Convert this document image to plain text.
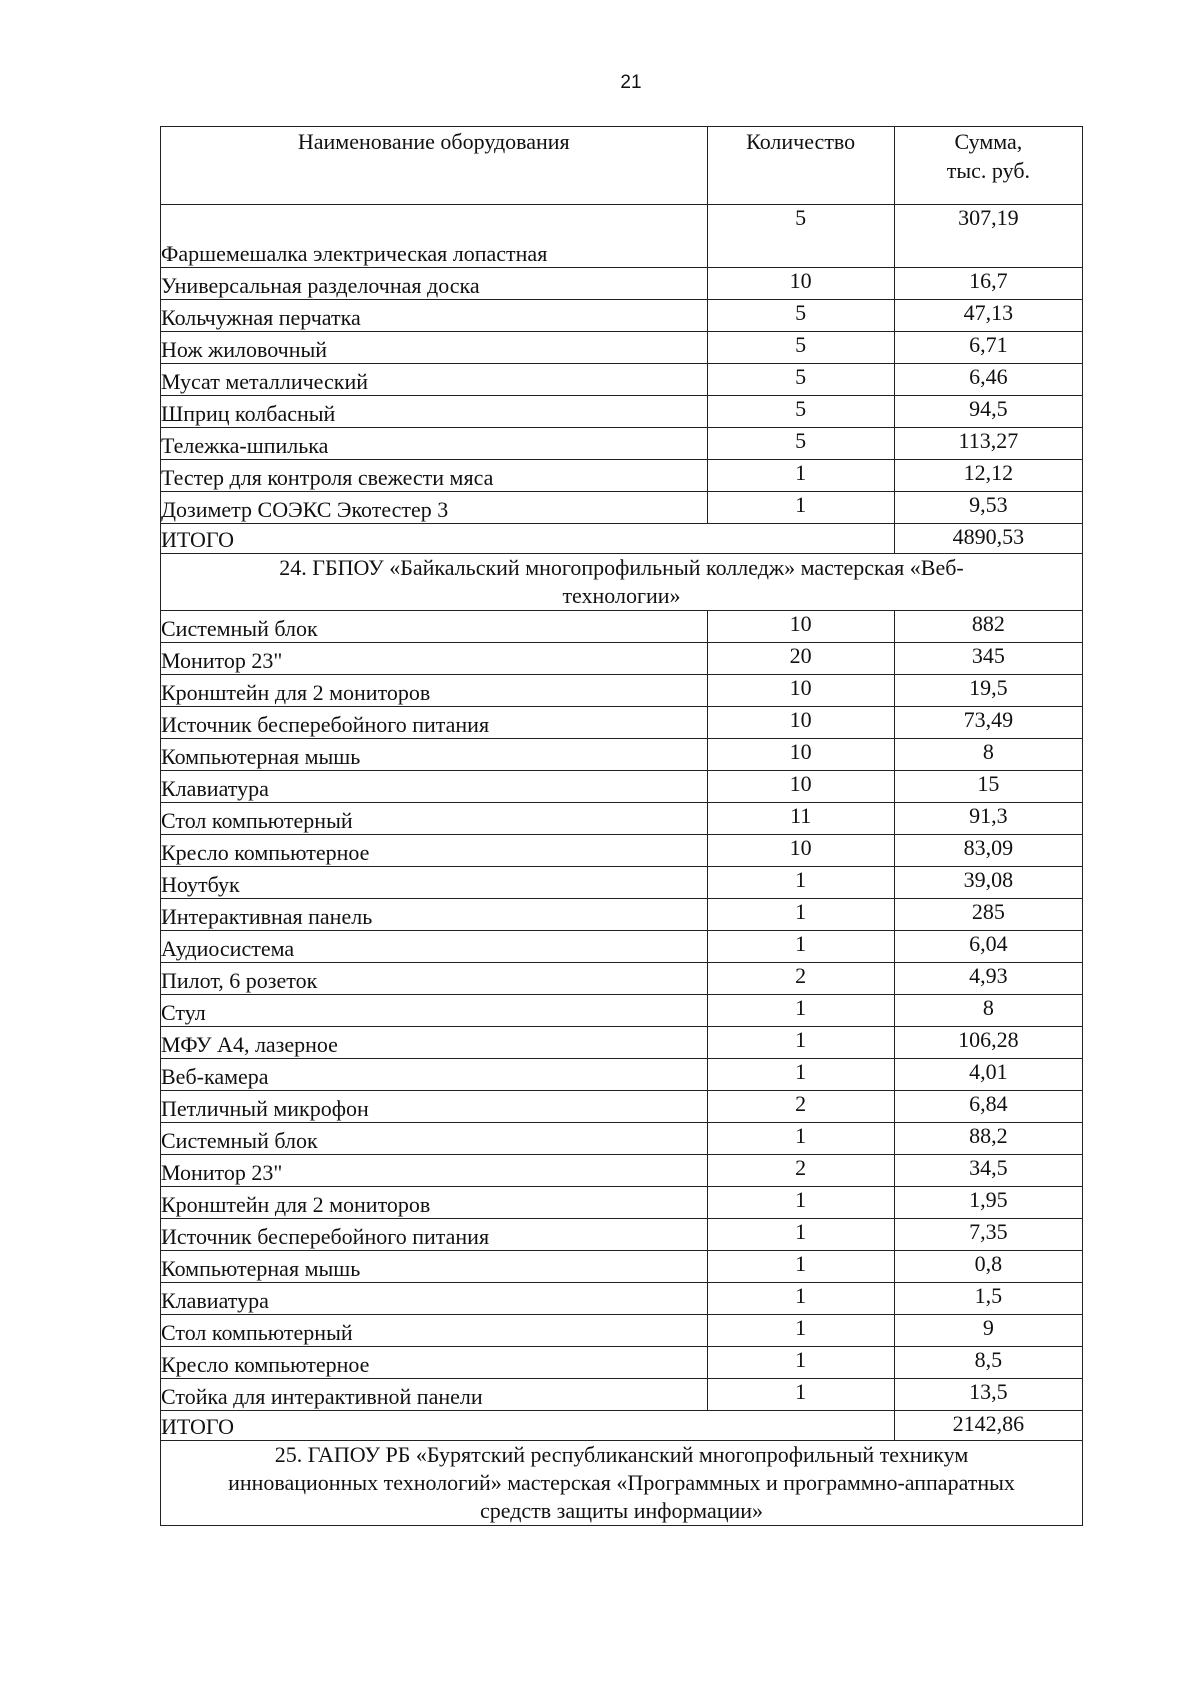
21
Наименование оборудования	Количество	Сумма,
тыс. руб.
Фаршемешалка электрическая лопастная	5	307,19
Универсальная разделочная доска	10	16,7
Кольчужная перчатка	5	47,13
Нож жиловочный	5	6,71
Мусат металлический	5	6,46
Шприц колбасный	5	94,5
Тележка-шпилька	5	113,27
Тестер для контроля свежести мяса	1	12,12
Дозиметр СОЭКС Экотестер 3	1	9,53
ИТОГО		4890,53
24. ГБПОУ «Байкальский многопрофильный колледж» мастерская «Веб-
технологии»		
Системный блок	10	882
Монитор 23"	20	345
Кронштейн для 2 мониторов	10	19,5
Источник бесперебойного питания	10	73,49
Компьютерная мышь	10	8
Клавиатура	10	15
Стол компьютерный	11	91,3
Кресло компьютерное	10	83,09
Ноутбук	1	39,08
Интерактивная панель	1	285
Аудиосистема	1	6,04
Пилот, 6 розеток	2	4,93
Стул	1	8
МФУ А4, лазерное	1	106,28
Веб-камера	1	4,01
Петличный микрофон	2	6,84
Системный блок	1	88,2
Монитор 23"	2	34,5
Кронштейн для 2 мониторов	1	1,95
Источник бесперебойного питания	1	7,35
Компьютерная мышь	1	0,8
Клавиатура	1	1,5
Стол компьютерный	1	9
Кресло компьютерное	1	8,5
Стойка для интерактивной панели	1	13,5
ИТОГО		2142,86
25. ГАПОУ РБ «Бурятский республиканский многопрофильный техникум
инновационных технологий» мастерская «Программных и программно-аппаратных
средств защиты информации»		
